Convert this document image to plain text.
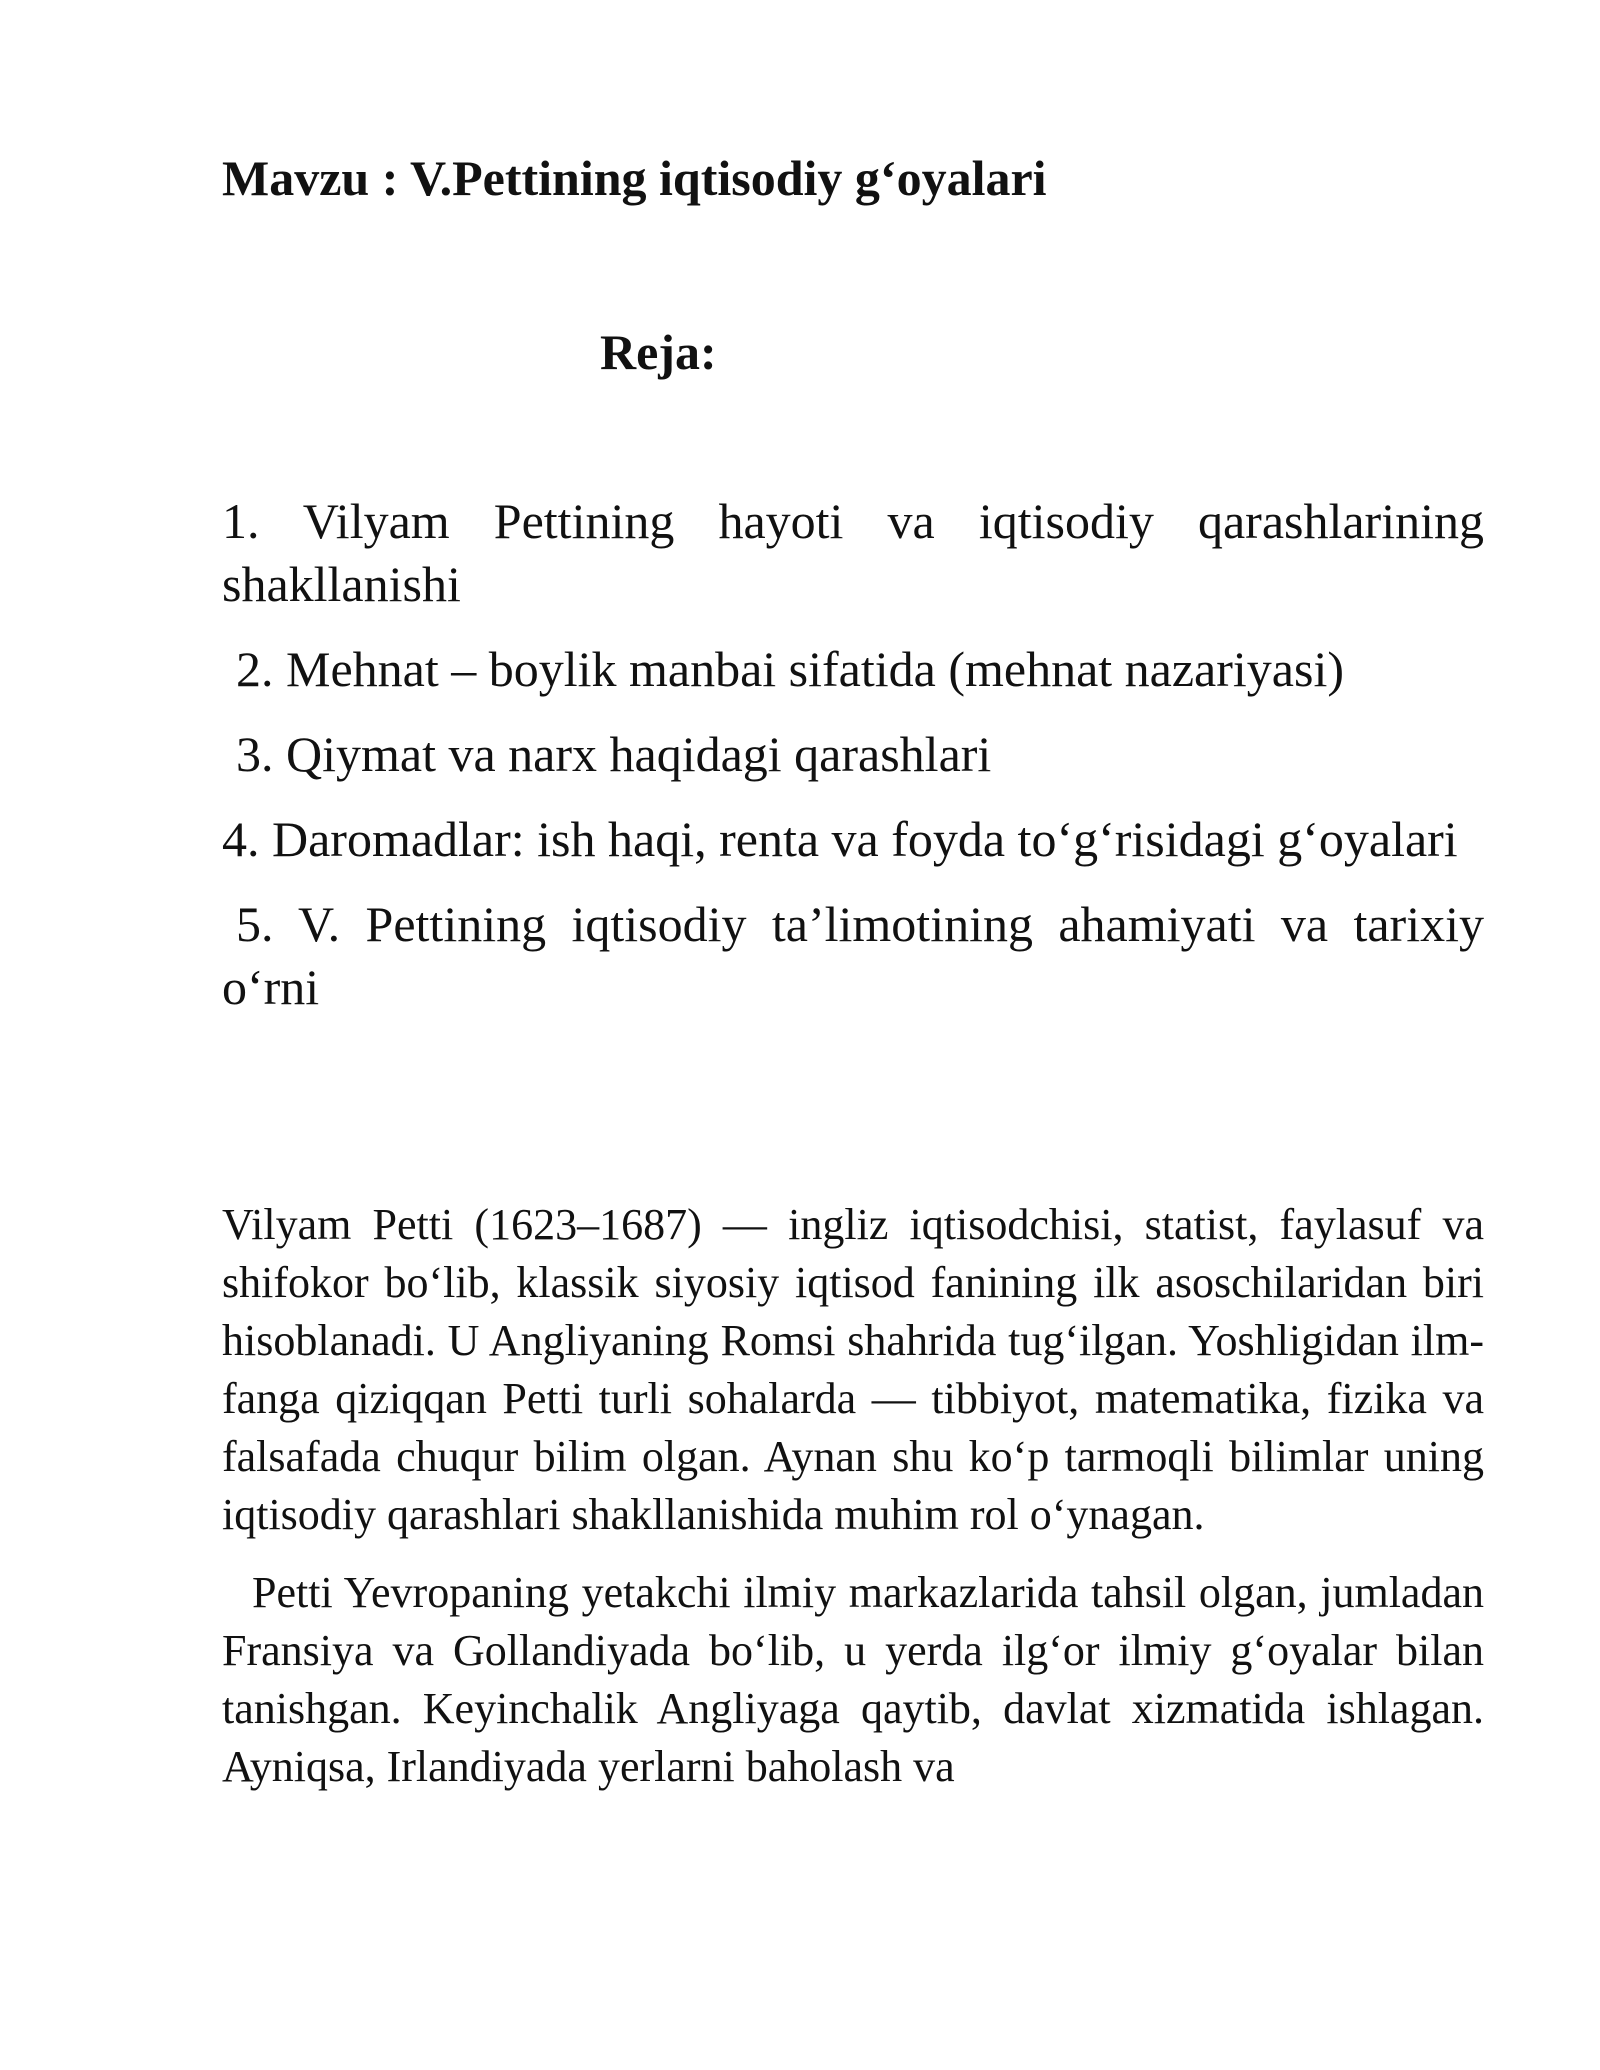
Mavzu : V.Pettining iqtisodiy g‘oyalari
Reja:
1. Vilyam Pettining hayoti va iqtisodiy qarashlarining shakllanishi
2. Mehnat – boylik manbai sifatida (mehnat nazariyasi)
3. Qiymat va narx haqidagi qarashlari
4. Daromadlar: ish haqi, renta va foyda to‘g‘risidagi g‘oyalari
5. V. Pettining iqtisodiy ta’limotining ahamiyati va tarixiy o‘rni

Vilyam Petti (1623–1687) — ingliz iqtisodchisi, statist, faylasuf va shifokor bo‘lib, klassik siyosiy iqtisod fanining ilk asoschilaridan biri hisoblanadi. U Angliyaning Romsi shahrida tug‘ilgan. Yoshligidan ilm-fanga qiziqqan Petti turli sohalarda — tibbiyot, matematika, fizika va falsafada chuqur bilim olgan. Aynan shu ko‘p tarmoqli bilimlar uning iqtisodiy qarashlari shakllanishida muhim rol o‘ynagan.

Petti Yevropaning yetakchi ilmiy markazlarida tahsil olgan, jumladan Fransiya va Gollandiyada bo‘lib, u yerda ilg‘or ilmiy g‘oyalar bilan tanishgan. Keyinchalik Angliyaga qaytib, davlat xizmatida ishlagan. Ayniqsa, Irlandiyada yerlarni baholash va
